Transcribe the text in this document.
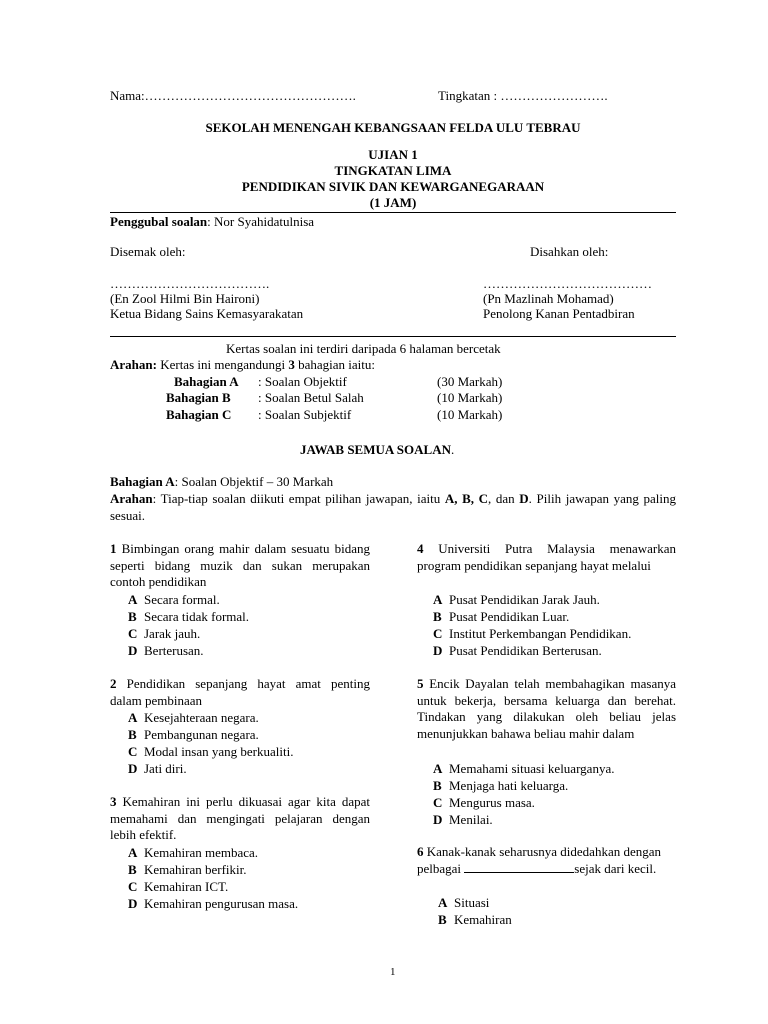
Nama:………………………………………….	Tingkatan : …………………….
SEKOLAH MENENGAH KEBANGSAAN FELDA ULU TEBRAU
UJIAN 1
TINGKATAN LIMA
PENDIDIKAN SIVIK DAN KEWARGANEGARAAN
(1 JAM)
Penggubal soalan: Nor Syahidatulnisa
Disemak oleh:	Disahkan oleh:
……………………………….	…………………………………
(En Zool Hilmi Bin Haironi)	(Pn Mazlinah Mohamad)
Ketua Bidang Sains Kemasyarakatan	Penolong Kanan Pentadbiran
Kertas soalan ini terdiri daripada 6 halaman bercetak
Arahan: Kertas ini mengandungi 3 bahagian iaitu:
Bahagian A : Soalan Objektif	(30 Markah)
Bahagian B : Soalan Betul Salah	(10 Markah)
Bahagian C : Soalan Subjektif	(10 Markah)
JAWAB SEMUA SOALAN.
Bahagian A: Soalan Objektif – 30 Markah
Arahan: Tiap-tiap soalan diikuti empat pilihan jawapan, iaitu A, B, C, dan D. Pilih jawapan yang paling sesuai.
1 Bimbingan orang mahir dalam sesuatu bidang seperti bidang muzik dan sukan merupakan contoh pendidikan
A Secara formal.
B Secara tidak formal.
C Jarak jauh.
D Berterusan.
2 Pendidikan sepanjang hayat amat penting dalam pembinaan
A Kesejahteraan negara.
B Pembangunan negara.
C Modal insan yang berkualiti.
D Jati diri.
3 Kemahiran ini perlu dikuasai agar kita dapat memahami dan mengingati pelajaran dengan lebih efektif.
A Kemahiran membaca.
B Kemahiran berfikir.
C Kemahiran ICT.
D Kemahiran pengurusan masa.
4 Universiti Putra Malaysia menawarkan program pendidikan sepanjang hayat melalui
A Pusat Pendidikan Jarak Jauh.
B Pusat Pendidikan Luar.
C Institut Perkembangan Pendidikan.
D Pusat Pendidikan Berterusan.
5 Encik Dayalan telah membahagikan masanya untuk bekerja, bersama keluarga dan berehat. Tindakan yang dilakukan oleh beliau jelas menunjukkan bahawa beliau mahir dalam
A Memahami situasi keluarganya.
B Menjaga hati keluarga.
C Mengurus masa.
D Menilai.
6 Kanak-kanak seharusnya didedahkan dengan pelbagai	sejak dari kecil.
A Situasi
B Kemahiran
1
